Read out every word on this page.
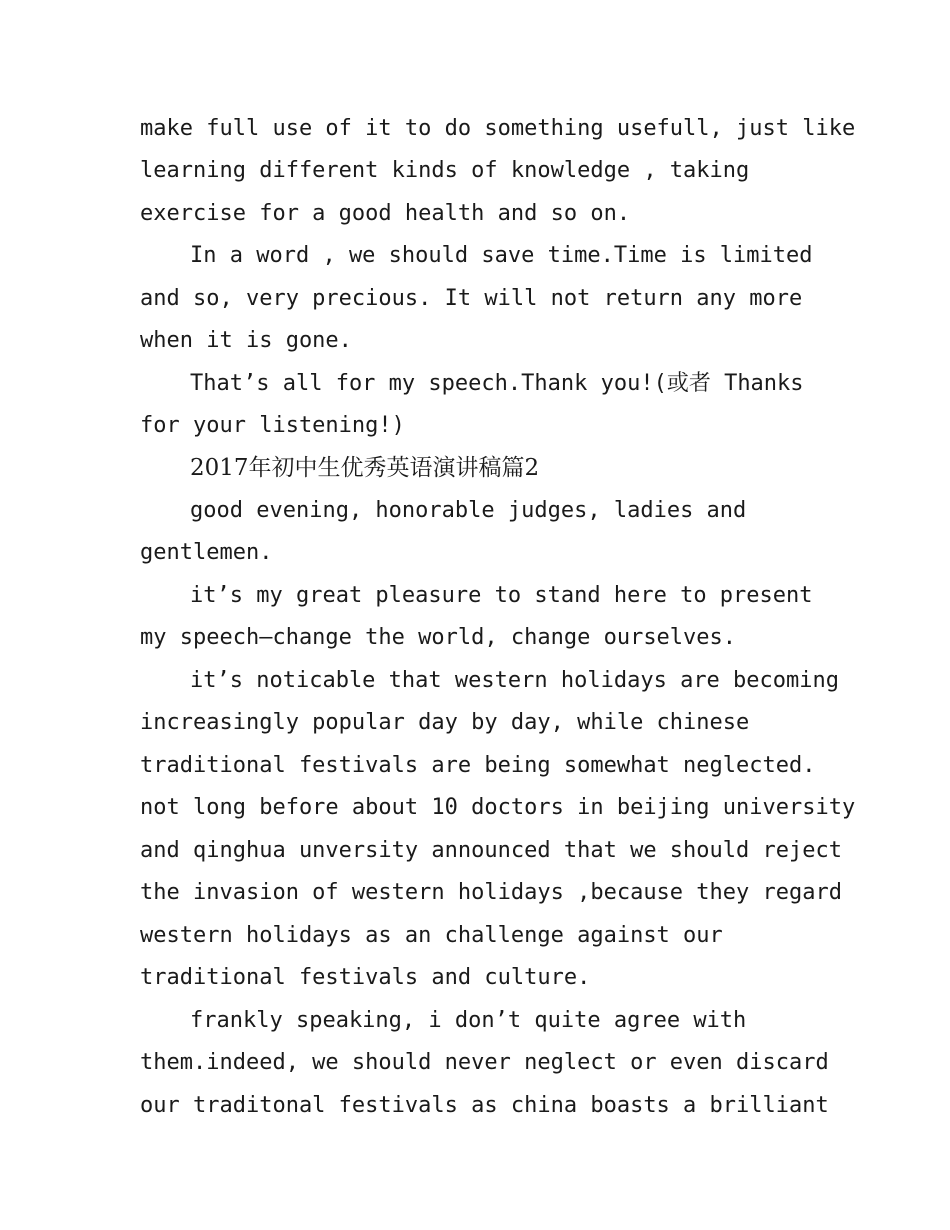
make full use of it to do something usefull, just like
learning different kinds of knowledge , taking
exercise for a good health and so on.
In a word , we should save time.Time is limited
and so, very precious. It will not return any more
when it is gone.
That’s all for my speech.Thank you!(或者 Thanks
for your listening!)
2017年初中生优秀英语演讲稿篇2
good evening, honorable judges, ladies and
gentlemen.
it’s my great pleasure to stand here to present
my speech—change the world, change ourselves.
it’s noticable that western holidays are becoming
increasingly popular day by day, while chinese
traditional festivals are being somewhat neglected.
not long before about 10 doctors in beijing university
and qinghua unversity announced that we should reject
the invasion of western holidays ,because they regard
western holidays as an challenge against our
traditional festivals and culture.
frankly speaking, i don’t quite agree with
them.indeed, we should never neglect or even discard
our traditonal festivals as china boasts a brilliant
